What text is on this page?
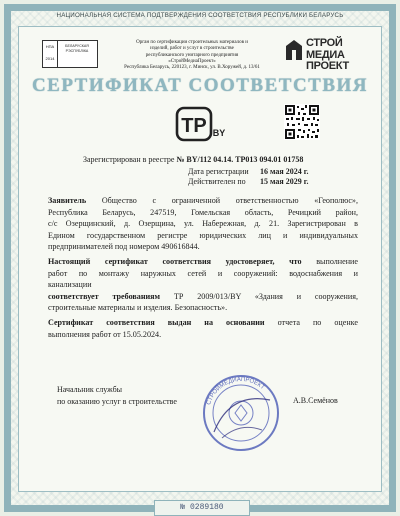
НАЦИОНАЛЬНАЯ СИСТЕМА ПОДТВЕРЖДЕНИЯ СООТВЕТСТВИЯ РЕСПУБЛИКИ БЕЛАРУСЬ
НПА
2014
БЕЛАРУСКАЯ РЭСПУБЛІКА
Орган по сертификации строительных материалов и
изделий, работ и услуг в строительстве
республиканского унитарного предприятия
«СтройМедиаПроект»
Республика Беларусь, 220123, г. Минск, ул. В.Хоружей, д. 13/61
СТРОЙ
МЕДИА ПРОЕКТ
СЕРТИФИКАТ СООТВЕТСТВИЯ
TP BY
Зарегистрирован в реестре № BY/112 04.14. TP013 094.01 01758
Дата регистрации 16 мая 2024 г.
Действителен по 15 мая 2029 г.
Заявитель Общество с ограниченной ответственностью «Геополюс»,
Республика Беларусь, 247519, Гомельская область, Речицкий район,
с/с Озерщинский, д. Озерщина, ул. Набережная, д. 21. Зарегистрирован в
Едином государственном регистре юридических лиц и индивидуальных
предпринимателей под номером 490616844.
Настоящий сертификат соответствия удостоверяет, что выполнение
работ по монтажу наружных сетей и сооружений: водоснабжения и
канализации
соответствует требованиям ТР 2009/013/BY «Здания и сооружения,
строительные материалы и изделия. Безопасность».
Сертификат соответствия выдан на основании отчета по оценке
выполнения работ от 15.05.2024.
Начальник службы
по оказанию услуг в строительстве	СТРОЙМЕДИАПРОЕКТ
А.В.Семёнов
№ 0289180
